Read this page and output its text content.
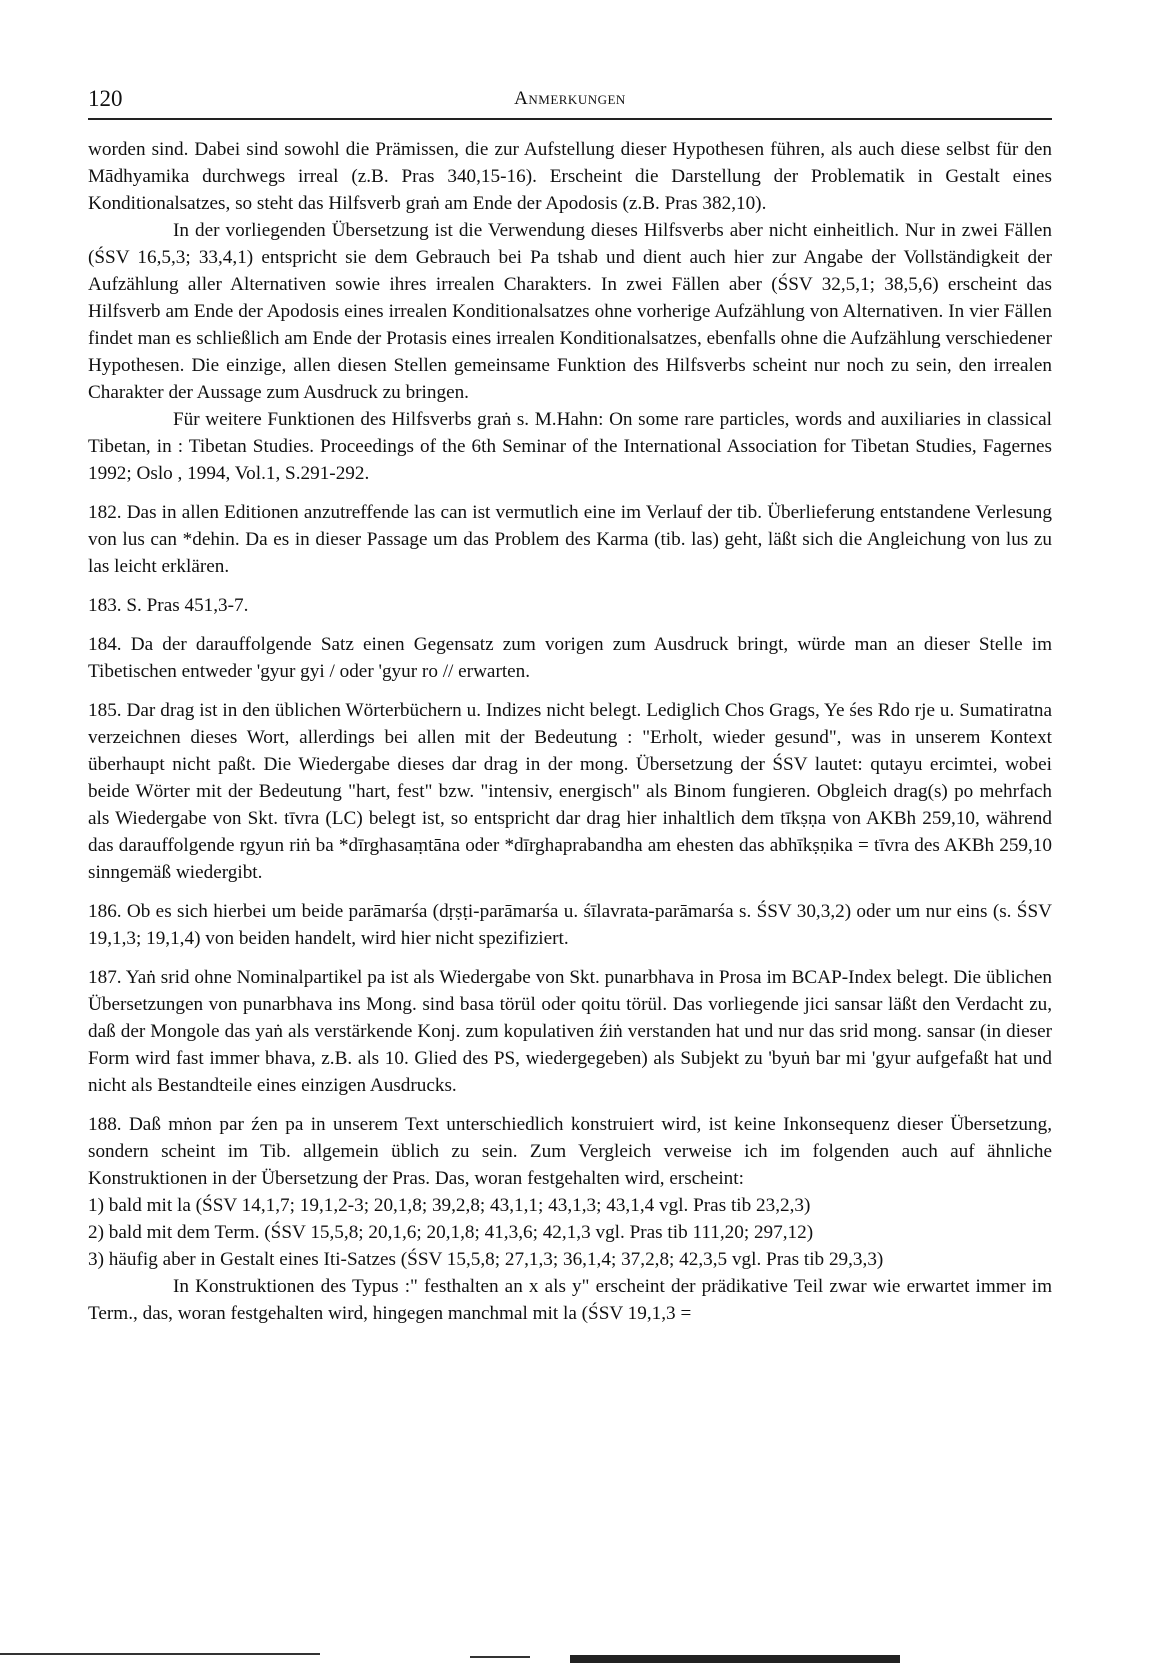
120	Anmerkungen

worden sind. Dabei sind sowohl die Prämissen, die zur Aufstellung dieser Hypothesen führen, als auch diese selbst für den Mādhyamika durchwegs irreal (z.B. Pras 340,15-16). Erscheint die Darstellung der Problematik in Gestalt eines Konditionalsatzes, so steht das Hilfsverb graṅ am Ende der Apodosis (z.B. Pras 382,10).

In der vorliegenden Übersetzung ist die Verwendung dieses Hilfsverbs aber nicht einheitlich. Nur in zwei Fällen (ŚSV 16,5,3; 33,4,1) entspricht sie dem Gebrauch bei Pa tshab und dient auch hier zur Angabe der Vollständigkeit der Aufzählung aller Alternativen sowie ihres irrealen Charakters. In zwei Fällen aber (ŚSV 32,5,1; 38,5,6) erscheint das Hilfsverb am Ende der Apodosis eines irrealen Konditionalsatzes ohne vorherige Aufzählung von Alternativen. In vier Fällen findet man es schließlich am Ende der Protasis eines irrealen Konditionalsatzes, ebenfalls ohne die Aufzählung verschiedener Hypothesen. Die einzige, allen diesen Stellen gemeinsame Funktion des Hilfsverbs scheint nur noch zu sein, den irrealen Charakter der Aussage zum Ausdruck zu bringen.

Für weitere Funktionen des Hilfsverbs graṅ s. M.Hahn: On some rare particles, words and auxiliaries in classical Tibetan, in : Tibetan Studies. Proceedings of the 6th Seminar of the International Association for Tibetan Studies, Fagernes 1992; Oslo , 1994, Vol.1, S.291-292.

182. Das in allen Editionen anzutreffende las can ist vermutlich eine im Verlauf der tib. Überlieferung entstandene Verlesung von lus can *dehin. Da es in dieser Passage um das Problem des Karma (tib. las) geht, läßt sich die Angleichung von lus zu las leicht erklären.

183. S. Pras 451,3-7.

184. Da der darauffolgende Satz einen Gegensatz zum vorigen zum Ausdruck bringt, würde man an dieser Stelle im Tibetischen entweder 'gyur gyi / oder 'gyur ro // erwarten.

185. Dar drag ist in den üblichen Wörterbüchern u. Indizes nicht belegt. Lediglich Chos Grags, Ye śes Rdo rje u. Sumatiratna verzeichnen dieses Wort, allerdings bei allen mit der Bedeutung : "Erholt, wieder gesund", was in unserem Kontext überhaupt nicht paßt. Die Wiedergabe dieses dar drag in der mong. Übersetzung der ŚSV lautet: qutayu ercimtei, wobei beide Wörter mit der Bedeutung "hart, fest" bzw. "intensiv, energisch" als Binom fungieren. Obgleich drag(s) po mehrfach als Wiedergabe von Skt. tīvra (LC) belegt ist, so entspricht dar drag hier inhaltlich dem tīkṣṇa von AKBh 259,10, während das darauffolgende rgyun riṅ ba *dīrghasaṃtāna oder *dīrghaprabandha am ehesten das abhīkṣṇika = tīvra des AKBh 259,10 sinngemäß wiedergibt.

186. Ob es sich hierbei um beide parāmarśa (dṛṣṭi-parāmarśa u. śīlavrata-parāmarśa s. ŚSV 30,3,2) oder um nur eins (s. ŚSV 19,1,3; 19,1,4) von beiden handelt, wird hier nicht spezifiziert.

187. Yaṅ srid ohne Nominalpartikel pa ist als Wiedergabe von Skt. punarbhava in Prosa im BCAP-Index belegt. Die üblichen Übersetzungen von punarbhava ins Mong. sind basa törül oder qoitu törül. Das vorliegende jici sansar läßt den Verdacht zu, daß der Mongole das yaṅ als verstärkende Konj. zum kopulativen źiṅ verstanden hat und nur das srid mong. sansar (in dieser Form wird fast immer bhava, z.B. als 10. Glied des PS, wiedergegeben) als Subjekt zu 'byuṅ bar mi 'gyur aufgefaßt hat und nicht als Bestandteile eines einzigen Ausdrucks.

188. Daß mṅon par źen pa in unserem Text unterschiedlich konstruiert wird, ist keine Inkonsequenz dieser Übersetzung, sondern scheint im Tib. allgemein üblich zu sein. Zum Vergleich verweise ich im folgenden auch auf ähnliche Konstruktionen in der Übersetzung der Pras. Das, woran festgehalten wird, erscheint:

1) bald mit la (ŚSV 14,1,7; 19,1,2-3; 20,1,8; 39,2,8; 43,1,1; 43,1,3; 43,1,4 vgl. Pras tib 23,2,3)

2) bald mit dem Term. (ŚSV 15,5,8; 20,1,6; 20,1,8; 41,3,6; 42,1,3 vgl. Pras tib 111,20; 297,12)

3) häufig aber in Gestalt eines Iti-Satzes (ŚSV 15,5,8; 27,1,3; 36,1,4; 37,2,8; 42,3,5 vgl. Pras tib 29,3,3)

In Konstruktionen des Typus :" festhalten an x als y" erscheint der prädikative Teil zwar wie erwartet immer im Term., das, woran festgehalten wird, hingegen manchmal mit la (ŚSV 19,1,3 =
